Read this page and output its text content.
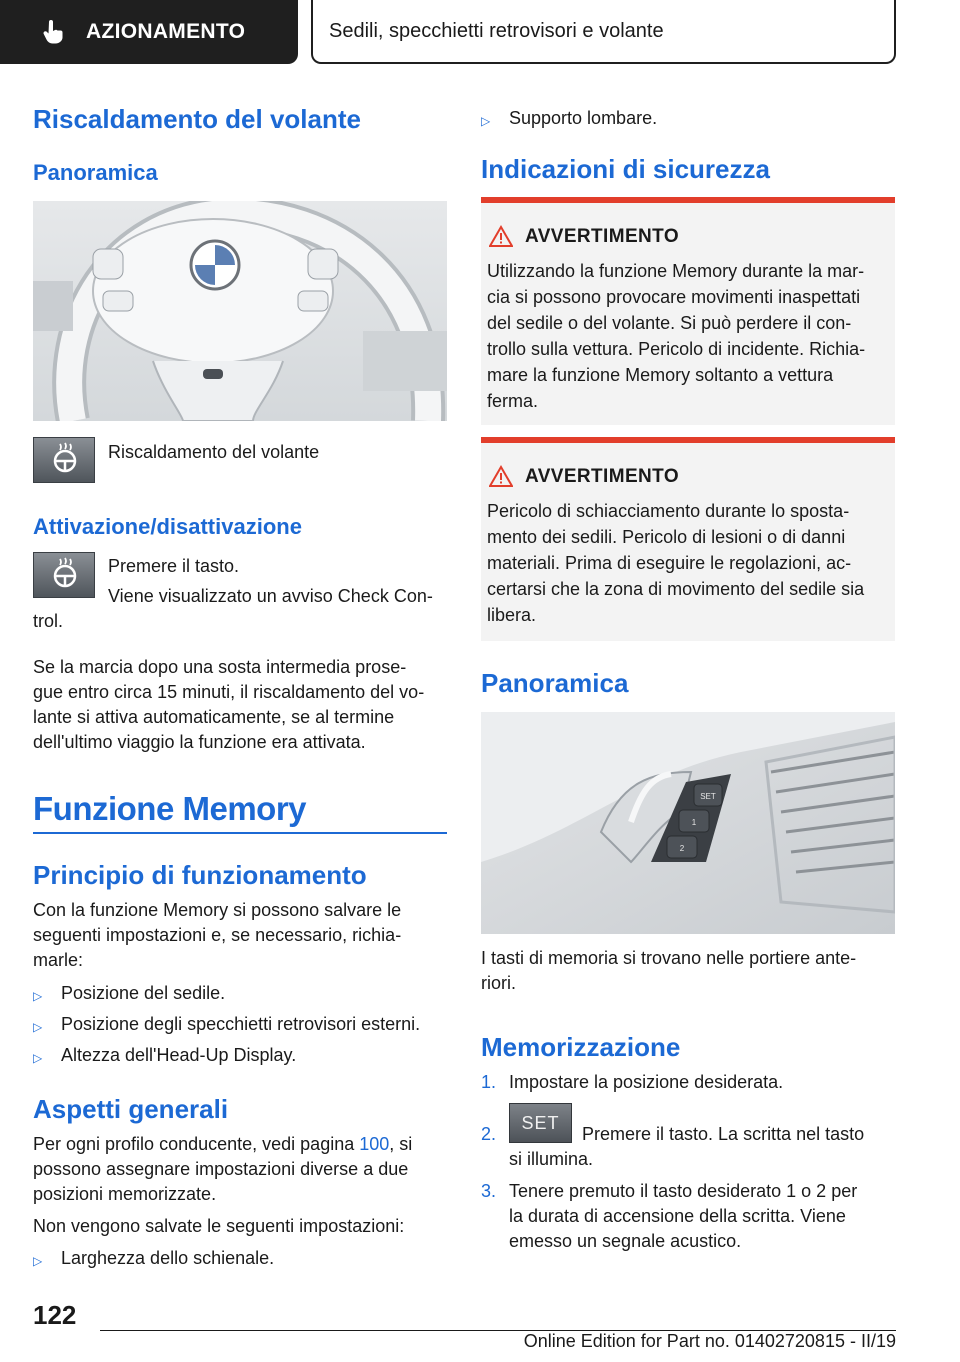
AZIONAMENTO	Sedili, specchietti retrovisori e volante
Riscaldamento del volante
Panoramica
Riscaldamento del volante
Attivazione/disattivazione
Premere il tasto.
Viene visualizzato un avviso Check Con-
trol.
Se la marcia dopo una sosta intermedia prose-
gue entro circa 15 minuti, il riscaldamento del vo-
lante si attiva automaticamente, se al termine
dell'ultimo viaggio la funzione era attivata.
Funzione Memory
Principio di funzionamento
Con la funzione Memory si possono salvare le
seguenti impostazioni e, se necessario, richia-
marle:
▷	Posizione del sedile.
▷	Posizione degli specchietti retrovisori esterni.
▷	Altezza dell'Head-Up Display.
Aspetti generali
Per ogni profilo conducente, vedi pagina 100, si
possono assegnare impostazioni diverse a due
posizioni memorizzate.
Non vengono salvate le seguenti impostazioni:
▷	Larghezza dello schienale.
▷	Supporto lombare.
Indicazioni di sicurezza
AVVERTIMENTO
Utilizzando la funzione Memory durante la mar-
cia si possono provocare movimenti inaspettati
del sedile o del volante. Si può perdere il con-
trollo sulla vettura. Pericolo di incidente. Richia-
mare la funzione Memory soltanto a vettura
ferma.
AVVERTIMENTO
Pericolo di schiacciamento durante lo sposta-
mento dei sedili. Pericolo di lesioni o di danni
materiali. Prima di eseguire le regolazioni, ac-
certarsi che la zona di movimento del sedile sia
libera.
Panoramica
SET
1
2
I tasti di memoria si trovano nelle portiere ante-
riori.
Memorizzazione
1. Impostare la posizione desiderata.
2.
SET
Premere il tasto. La scritta nel tasto
si illumina.
3. Tenere premuto il tasto desiderato 1 o 2 per
la durata di accensione della scritta. Viene
emesso un segnale acustico.
122
Online Edition for Part no. 01402720815 - II/19
